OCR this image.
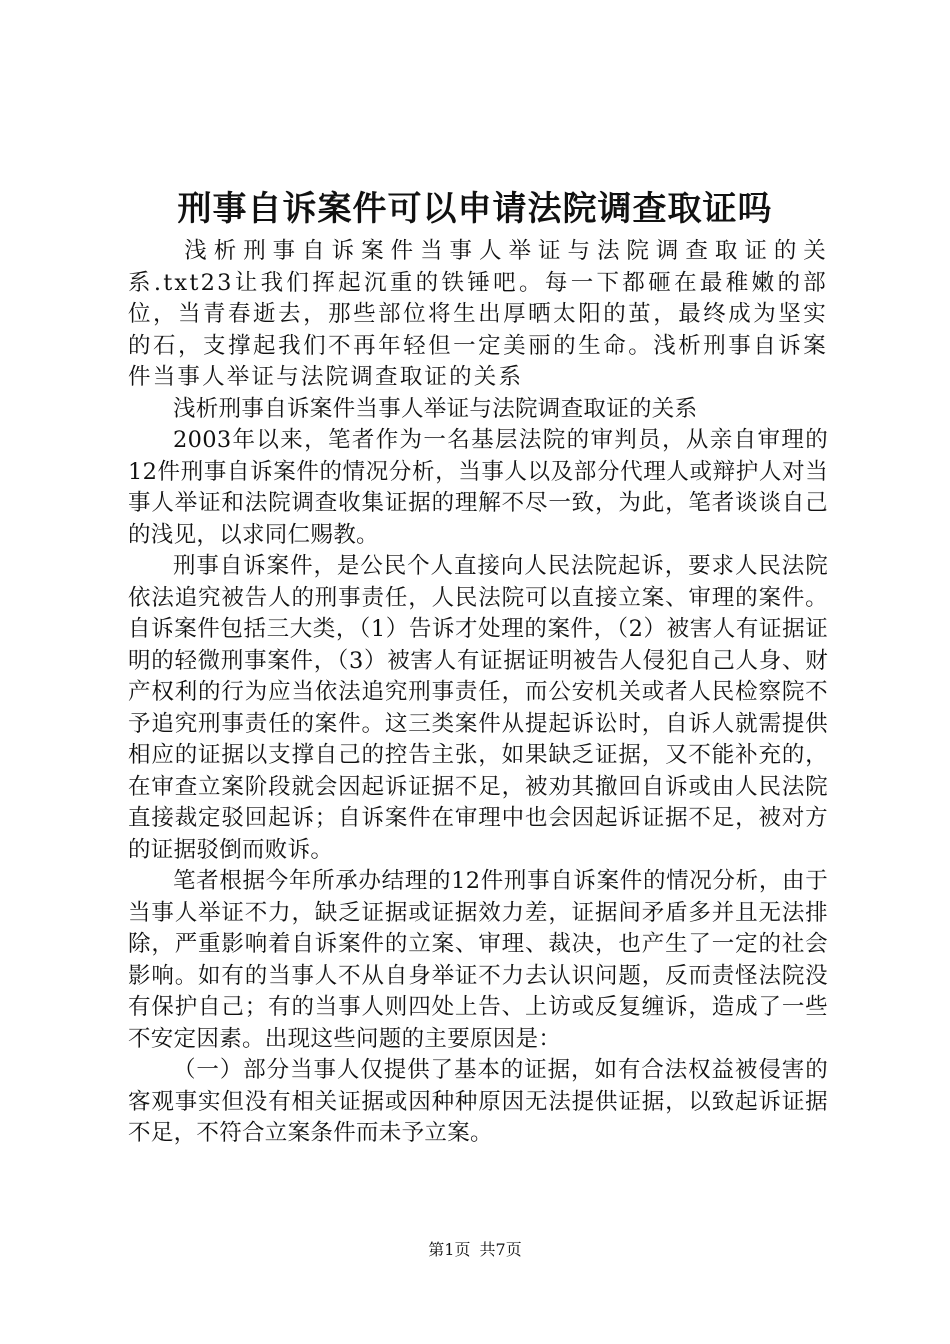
刑事自诉案件可以申请法院调查取证吗

浅析刑事自诉案件当事人举证与法院调查取证的关系.txt23让我们挥起沉重的铁锤吧。每一下都砸在最稚嫩的部位，当青春逝去，那些部位将生出厚晒太阳的茧，最终成为坚实的石，支撑起我们不再年轻但一定美丽的生命。浅析刑事自诉案件当事人举证与法院调查取证的关系

浅析刑事自诉案件当事人举证与法院调查取证的关系

2003年以来，笔者作为一名基层法院的审判员，从亲自审理的12件刑事自诉案件的情况分析，当事人以及部分代理人或辩护人对当事人举证和法院调查收集证据的理解不尽一致，为此，笔者谈谈自己的浅见，以求同仁赐教。

刑事自诉案件，是公民个人直接向人民法院起诉，要求人民法院依法追究被告人的刑事责任，人民法院可以直接立案、审理的案件。自诉案件包括三大类，（1）告诉才处理的案件，（2）被害人有证据证明的轻微刑事案件，（3）被害人有证据证明被告人侵犯自己人身、财产权利的行为应当依法追究刑事责任，而公安机关或者人民检察院不予追究刑事责任的案件。这三类案件从提起诉讼时，自诉人就需提供相应的证据以支撑自己的控告主张，如果缺乏证据，又不能补充的，在审查立案阶段就会因起诉证据不足，被劝其撤回自诉或由人民法院直接裁定驳回起诉；自诉案件在审理中也会因起诉证据不足，被对方的证据驳倒而败诉。

笔者根据今年所承办结理的12件刑事自诉案件的情况分析，由于当事人举证不力，缺乏证据或证据效力差，证据间矛盾多并且无法排除，严重影响着自诉案件的立案、审理、裁决，也产生了一定的社会影响。如有的当事人不从自身举证不力去认识问题，反而责怪法院没有保护自己；有的当事人则四处上告、上访或反复缠诉，造成了一些不安定因素。出现这些问题的主要原因是：

（一）部分当事人仅提供了基本的证据，如有合法权益被侵害的客观事实但没有相关证据或因种种原因无法提供证据，以致起诉证据不足，不符合立案条件而未予立案。

第1页 共7页
